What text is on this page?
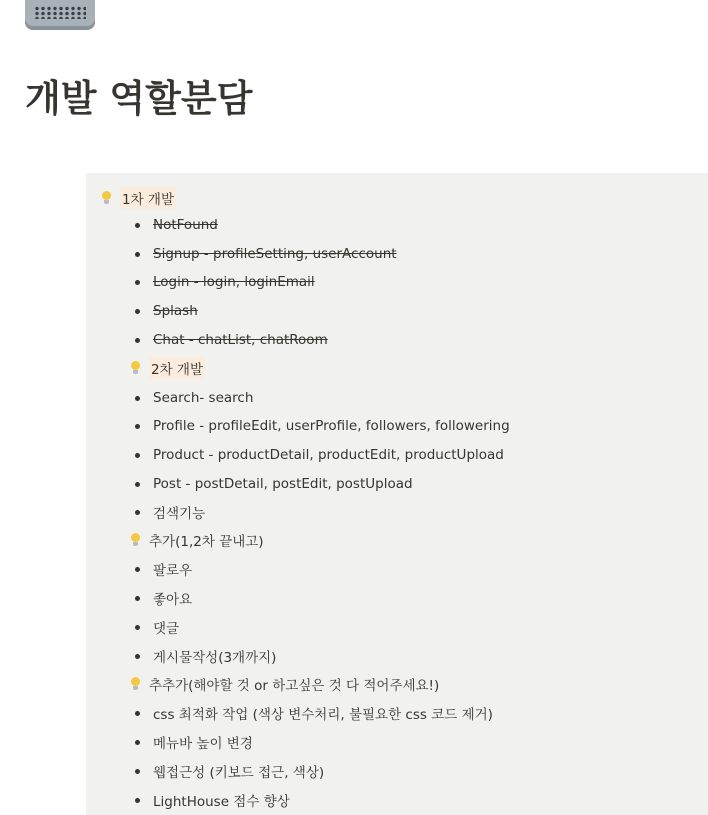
개발 역할분담
1차 개발
NotFound
Signup - profileSetting, userAccount
Login - login, loginEmail
Splash
Chat - chatList, chatRoom
2차 개발
Search- search
Profile - profileEdit, userProfile, followers, followering
Product - productDetail, productEdit, productUpload
Post - postDetail, postEdit, postUpload
검색기능
추가(1,2차 끝내고)
팔로우
좋아요
댓글
게시물작성(3개까지)
추추가(해야할 것 or 하고싶은 것 다 적어주세요!)
css 최적화 작업 (색상 변수처리, 불필요한 css 코드 제거)
메뉴바 높이 변경
웹접근성 (키보드 접근, 색상)
LightHouse 점수 향상
